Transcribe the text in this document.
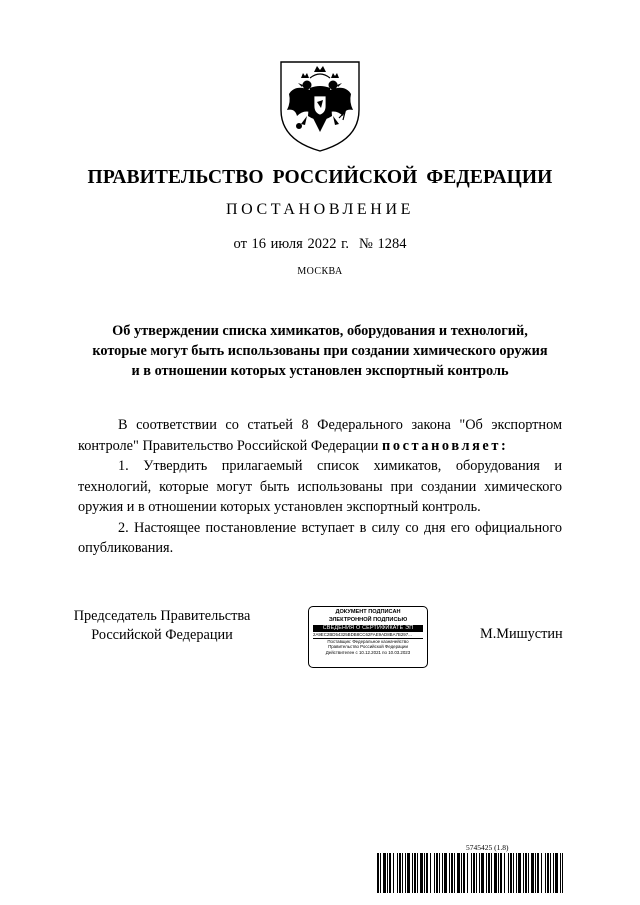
ПРАВИТЕЛЬСТВО РОССИЙСКОЙ ФЕДЕРАЦИИ
ПОСТАНОВЛЕНИЕ
от 16 июля 2022 г. № 1284
МОСКВА
Об утверждении списка химикатов, оборудования и технологий,
которые могут быть использованы при создании химического оружия
и в отношении которых установлен экспортный контроль

В соответствии со статьей 8 Федерального закона "Об экспортном контроле" Правительство Российской Федерации постановляет:

1. Утвердить прилагаемый список химикатов, оборудования и технологий, которые могут быть использованы при создании химического оружия и в отношении которых установлен экспортный контроль.

2. Настоящее постановление вступает в силу со дня его официального опубликования.

Председатель Правительства
Российской Федерации
ДОКУМЕНТ ПОДПИСАН
ЭЛЕКТРОННОЙ ПОДПИСЬЮ
СВЕДЕНИЯ О СЕРТИФИКАТЕ ЭП
2A9EC2BD54325BDB8CC62FAE9AD8BA7B297...
Поставщик: Федеральное казначейство
Правительство Российской Федерации
Действителен с 10.12.2021 по 10.03.2023
М.Мишустин
5745425 (1.8)
